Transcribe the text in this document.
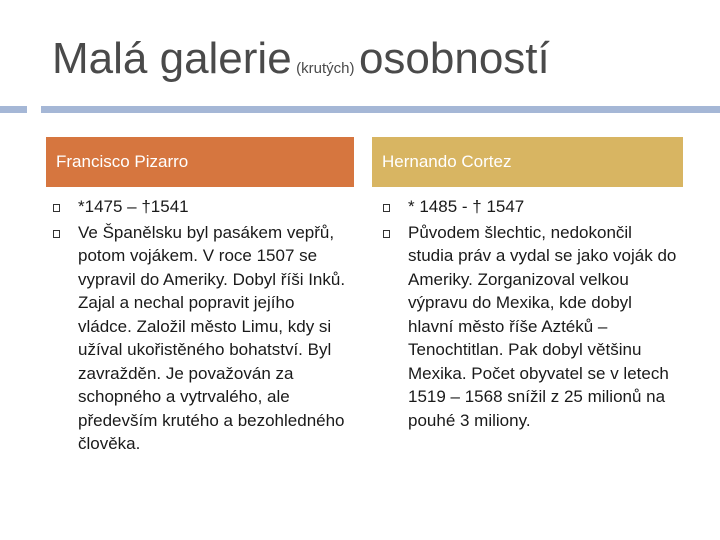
Malá galerie (krutých) osobností
Francisco Pizarro	Hernando Cortez
*1475 – †1541
Ve Španělsku byl pasákem vepřů, potom vojákem. V roce 1507 se vypravil do Ameriky. Dobyl říši Inků. Zajal a nechal popravit jejího vládce. Založil město Limu, kdy si užíval ukořistěného bohatství. Byl zavražděn. Je považován za schopného a vytrvalého, ale především krutého a bezohledného člověka.
* 1485 - † 1547
Původem šlechtic, nedokončil studia práv a vydal se jako voják do Ameriky. Zorganizoval velkou výpravu do Mexika, kde dobyl hlavní město říše Aztéků – Tenochtitlan. Pak dobyl většinu Mexika. Počet obyvatel se v letech 1519 – 1568 snížil z 25 milionů na pouhé 3 miliony.
